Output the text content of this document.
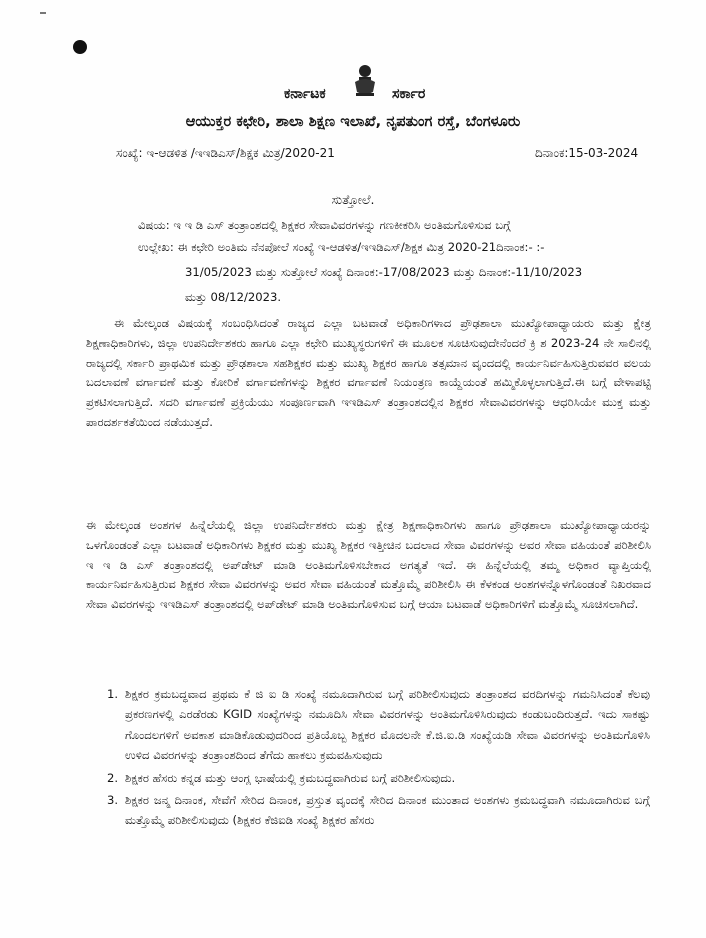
ಕರ್ನಾಟಕ	ಸರ್ಕಾರ
ಆಯುಕ್ತರ ಕಛೇರಿ, ಶಾಲಾ ಶಿಕ್ಷಣ ಇಲಾಖೆ, ನೃಪತುಂಗ ರಸ್ತೆ, ಬೆಂಗಳೂರು
ಸಂಖ್ಯೆ: ಇ-ಆಡಳಿತ /ಇಇಡಿಎಸ್/ಶಿಕ್ಷಕ ಮಿತ್ರ/2020-21	ದಿನಾಂಕ:15-03-2024
ಸುತ್ತೋಲೆ.
ವಿಷಯ: ಇ ಇ ಡಿ ಎಸ್ ತಂತ್ರಾಂಶದಲ್ಲಿ ಶಿಕ್ಷಕರ ಸೇವಾವಿವರಗಳನ್ನು ಗಣಕೀಕರಿಸಿ ಅಂತಿಮಗೊಳಿಸುವ ಬಗ್ಗೆ
ಉಲ್ಲೇಖ: ಈ ಕಛೇರಿ ಅಂತಿಮ ನೆನಪೋಲೆ ಸಂಖ್ಯೆ ಇ-ಆಡಳಿತ/ಇಇಡಿಎಸ್/ಶಿಕ್ಷಕ ಮಿತ್ರ 2020-21ದಿನಾಂಕ:- :-
31/05/2023 ಮತ್ತು ಸುತ್ತೋಲೆ ಸಂಖ್ಯೆ ದಿನಾಂಕ:-17/08/2023 ಮತ್ತು ದಿನಾಂಕ:-11/10/2023
ಮತ್ತು 08/12/2023.
ಈ ಮೇಲ್ಕಂಡ ವಿಷಯಕ್ಕೆ ಸಂಬಂಧಿಸಿದಂತೆ ರಾಜ್ಯದ ಎಲ್ಲಾ ಬಟವಾಡೆ ಅಧಿಕಾರಿಗಳಾದ ಪ್ರೌಢಶಾಲಾ ಮುಖ್ಯೋಪಾಧ್ಯಾಯರು ಮತ್ತು ಕ್ಷೇತ್ರ ಶಿಕ್ಷಣಾಧಿಕಾರಿಗಳು, ಜಿಲ್ಲಾ ಉಪನಿರ್ದೇಶಕರು ಹಾಗೂ ಎಲ್ಲಾ ಕಛೇರಿ ಮುಖ್ಯಸ್ಥರುಗಳಿಗೆ ಈ ಮೂಲಕ ಸೂಚಿಸುವುದೇನೆಂದರೆ ಕ್ರಿ ಶ 2023-24 ನೇ ಸಾಲಿನಲ್ಲಿ ರಾಜ್ಯದಲ್ಲಿ ಸರ್ಕಾರಿ ಪ್ರಾಥಮಿಕ ಮತ್ತು ಪ್ರೌಢಶಾಲಾ ಸಹಶಿಕ್ಷಕರ ಮತ್ತು ಮುಖ್ಯ ಶಿಕ್ಷಕರ ಹಾಗೂ ತತ್ಸಮಾನ ವೃಂದದಲ್ಲಿ ಕಾರ್ಯನಿರ್ವಹಿಸುತ್ತಿರುವವರ ವಲಯ ಬದಲಾವಣೆ ವರ್ಗಾವಣೆ ಮತ್ತು ಕೋರಿಕೆ ವರ್ಗಾವಣೆಗಳನ್ನು ಶಿಕ್ಷಕರ ವರ್ಗಾವಣೆ ನಿಯಂತ್ರಣ ಕಾಯ್ದೆಯಂತೆ ಹಮ್ಮಿಕೊಳ್ಳಲಾಗುತ್ತಿದೆ.ಈ ಬಗ್ಗೆ ವೇಳಾಪಟ್ಟಿ ಪ್ರಕಟಿಸಲಾಗುತ್ತಿದೆ. ಸದರಿ ವರ್ಗಾವಣೆ ಪ್ರಕ್ರಿಯೆಯು ಸಂಪೂರ್ಣವಾಗಿ ಇಇಡಿಎಸ್ ತಂತ್ರಾಂಶದಲ್ಲಿನ ಶಿಕ್ಷಕರ ಸೇವಾವಿವರಗಳನ್ನು ಆಧರಿಸಿಯೇ ಮುಕ್ತ ಮತ್ತು ಪಾರದರ್ಶಕತೆಯಿಂದ ನಡೆಯುತ್ತದೆ.
ಈ ಮೇಲ್ಕಂಡ ಅಂಶಗಳ ಹಿನ್ನೆಲೆಯಲ್ಲಿ ಜಿಲ್ಲಾ ಉಪನಿರ್ದೇಶಕರು ಮತ್ತು ಕ್ಷೇತ್ರ ಶಿಕ್ಷಣಾಧಿಕಾರಿಗಳು ಹಾಗೂ ಪ್ರೌಢಶಾಲಾ ಮುಖ್ಯೋಪಾಧ್ಯಾಯರನ್ನು ಒಳಗೊಂಡಂತೆ ಎಲ್ಲಾ ಬಟವಾಡೆ ಅಧಿಕಾರಿಗಳು ಶಿಕ್ಷಕರ ಮತ್ತು ಮುಖ್ಯ ಶಿಕ್ಷಕರ ಇತ್ತೀಚಿನ ಬದಲಾದ ಸೇವಾ ವಿವರಗಳನ್ನು ಅವರ ಸೇವಾ ವಹಿಯಂತೆ ಪರಿಶೀಲಿಸಿ ಇ ಇ ಡಿ ಎಸ್ ತಂತ್ರಾಂಶದಲ್ಲಿ ಅಪ್‌ಡೇಟ್ ಮಾಡಿ ಅಂತಿಮಗೊಳಿಸಬೇಕಾದ ಅಗತ್ಯತೆ ಇದೆ. ಈ ಹಿನ್ನೆಲೆಯಲ್ಲಿ ತಮ್ಮ ಅಧಿಕಾರ ವ್ಯಾಪ್ತಿಯಲ್ಲಿ ಕಾರ್ಯನಿರ್ವಹಿಸುತ್ತಿರುವ ಶಿಕ್ಷಕರ ಸೇವಾ ವಿವರಗಳನ್ನು ಅವರ ಸೇವಾ ವಹಿಯಂತೆ ಮತ್ತೊಮ್ಮೆ ಪರಿಶೀಲಿಸಿ ಈ ಕೆಳಕಂಡ ಅಂಶಗಳನ್ನೊಳಗೊಂಡಂತೆ ನಿಖರವಾದ ಸೇವಾ ವಿವರಗಳನ್ನು ಇಇಡಿಎಸ್ ತಂತ್ರಾಂಶದಲ್ಲಿ ಅಪ್‌ಡೇಟ್ ಮಾಡಿ ಅಂತಿಮಗೊಳಿಸುವ ಬಗ್ಗೆ ಆಯಾ ಬಟವಾಡೆ ಅಧಿಕಾರಿಗಳಿಗೆ ಮತ್ತೊಮ್ಮೆ ಸೂಚಿಸಲಾಗಿದೆ.
1. ಶಿಕ್ಷಕರ ಕ್ರಮಬದ್ಧವಾದ ಪ್ರಥಮ ಕೆ ಜಿ ಐ ಡಿ ಸಂಖ್ಯೆ ನಮೂದಾಗಿರುವ ಬಗ್ಗೆ ಪರಿಶೀಲಿಸುವುದು ತಂತ್ರಾಂಶದ ವರದಿಗಳನ್ನು ಗಮನಿಸಿದಂತೆ ಕೆಲವು ಪ್ರಕರಣಗಳಲ್ಲಿ ಎರಡೆರಡು KGID ಸಂಖ್ಯೆಗಳನ್ನು ನಮೂದಿಸಿ ಸೇವಾ ವಿವರಗಳನ್ನು ಅಂತಿಮಗೊಳಿಸಿರುವುದು ಕಂಡುಬಂದಿರುತ್ತದೆ. ಇದು ಸಾಕಷ್ಟು ಗೊಂದಲಗಳಿಗೆ ಅವಕಾಶ ಮಾಡಿಕೊಡುವುದರಿಂದ ಪ್ರತಿಯೊಬ್ಬ ಶಿಕ್ಷಕರ ಮೊದಲನೇ ಕೆ.ಜಿ.ಐ.ಡಿ ಸಂಖ್ಯೆಯಡಿ ಸೇವಾ ವಿವರಗಳನ್ನು ಅಂತಿಮಗೊಳಿಸಿ ಉಳಿದ ವಿವರಗಳನ್ನು ತಂತ್ರಾಂಶದಿಂದ ತೆಗೆದು ಹಾಕಲು ಕ್ರಮವಹಿಸುವುದು
2. ಶಿಕ್ಷಕರ ಹೆಸರು ಕನ್ನಡ ಮತ್ತು ಆಂಗ್ಲ ಭಾಷೆಯಲ್ಲಿ ಕ್ರಮಬದ್ಧವಾಗಿರುವ ಬಗ್ಗೆ ಪರಿಶೀಲಿಸುವುದು.
3. ಶಿಕ್ಷಕರ ಜನ್ಮ ದಿನಾಂಕ, ಸೇವೆಗೆ ಸೇರಿದ ದಿನಾಂಕ, ಪ್ರಸ್ತುತ ವೃಂದಕ್ಕೆ ಸೇರಿದ ದಿನಾಂಕ ಮುಂತಾದ ಅಂಶಗಳು ಕ್ರಮಬದ್ಧವಾಗಿ ನಮೂದಾಗಿರುವ ಬಗ್ಗೆ ಮತ್ತೊಮ್ಮೆ ಪರಿಶೀಲಿಸುವುದು (ಶಿಕ್ಷಕರ ಕೆಜಿಐಡಿ ಸಂಖ್ಯೆ ಶಿಕ್ಷಕರ ಹೆಸರು
